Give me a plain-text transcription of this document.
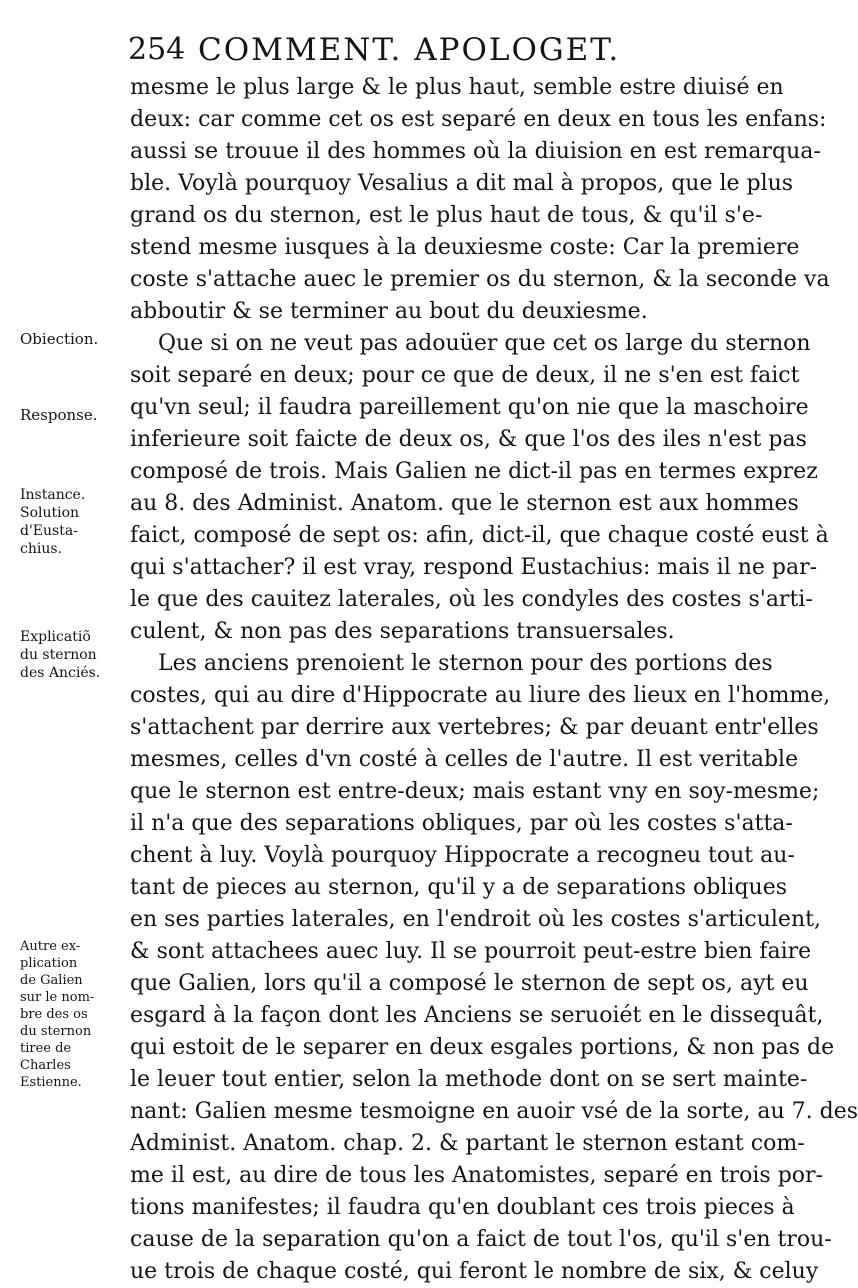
254 COMMENT. APOLOGET.
mesme le plus large & le plus haut, semble estre diuisé en
deux: car comme cet os est separé en deux en tous les enfans:
aussi se trouue il des hommes où la diuision en est remarqua-
ble. Voylà pourquoy Vesalius a dit mal à propos, que le plus
grand os du sternon, est le plus haut de tous, & qu'il s'e-
stend mesme iusques à la deuxiesme coste: Car la premiere
coste s'attache auec le premier os du sternon, & la seconde va
abboutir & se terminer au bout du deuxiesme.
Que si on ne veut pas adouüer que cet os large du sternon
soit separé en deux; pour ce que de deux, il ne s'en est faict
qu'vn seul; il faudra pareillement qu'on nie que la maschoire
inferieure soit faicte de deux os, & que l'os des iles n'est pas
composé de trois. Mais Galien ne dict-il pas en termes exprez
au 8. des Administ. Anatom. que le sternon est aux hommes
faict, composé de sept os: afin, dict-il, que chaque costé eust à
qui s'attacher? il est vray, respond Eustachius: mais il ne par-
le que des cauitez laterales, où les condyles des costes s'arti-
culent, & non pas des separations transuersales.
Les anciens prenoient le sternon pour des portions des
costes, qui au dire d'Hippocrate au liure des lieux en l'homme,
s'attachent par derrire aux vertebres; & par deuant entr'elles
mesmes, celles d'vn costé à celles de l'autre. Il est veritable
que le sternon est entre-deux; mais estant vny en soy-mesme;
il n'a que des separations obliques, par où les costes s'atta-
chent à luy. Voylà pourquoy Hippocrate a recogneu tout au-
tant de pieces au sternon, qu'il y a de separations obliques
en ses parties laterales, en l'endroit où les costes s'articulent,
& sont attachees auec luy. Il se pourroit peut-estre bien faire
que Galien, lors qu'il a composé le sternon de sept os, ayt eu
esgard à la façon dont les Anciens se seruoiét en le dissequât,
qui estoit de le separer en deux esgales portions, & non pas de
le leuer tout entier, selon la methode dont on se sert mainte-
nant: Galien mesme tesmoigne en auoir vsé de la sorte, au 7. des
Administ. Anatom. chap. 2. & partant le sternon estant com-
me il est, au dire de tous les Anatomistes, separé en trois por-
tions manifestes; il faudra qu'en doublant ces trois pieces à
cause de la separation qu'on a faict de tout l'os, qu'il s'en trou-
ue trois de chaque costé, qui feront le nombre de six, & celuy
Obiection.
Response.
Instance.
Solution
d'Eusta-
chius.
Explicatiõ
du sternon
des Anciés.
Autre ex-
plication
de Galien
sur le nom-
bre des os
du sternon
tiree de
Charles
Estienne.
